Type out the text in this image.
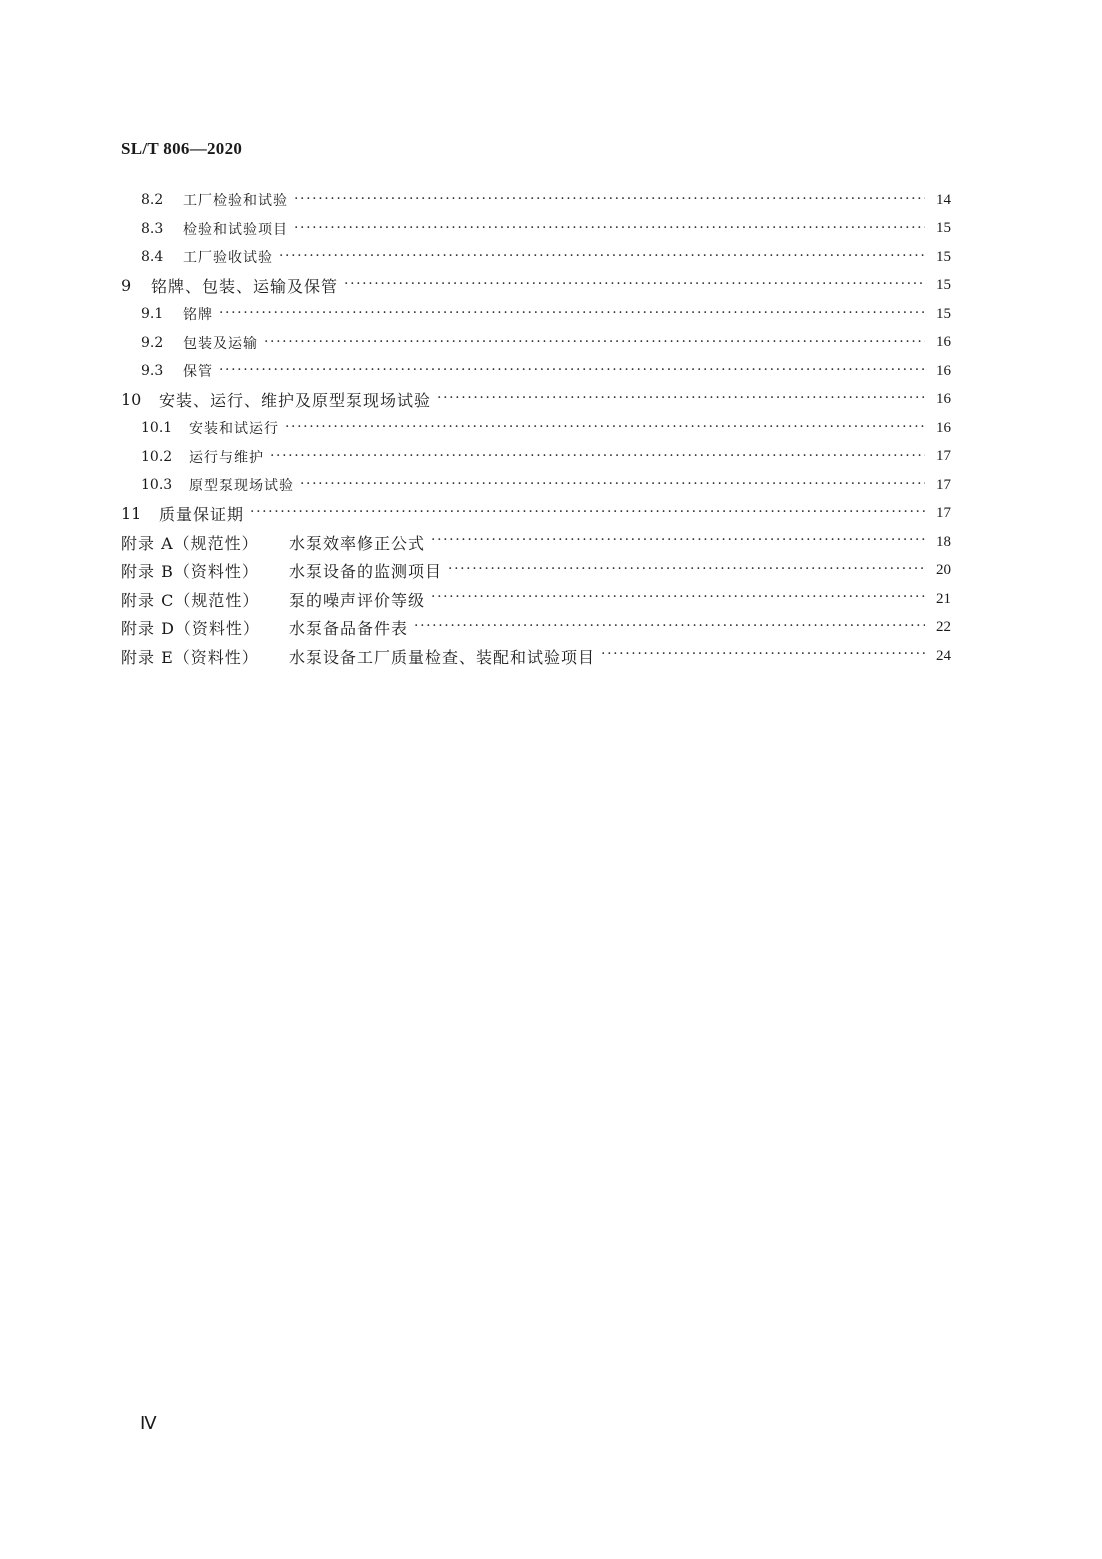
SL/T 806—2020
8.2	工厂检验和试验 ·····	14
8.3	检验和试验项目 ·····	15
8.4	工厂验收试验 ·····	15
9	铭牌、包装、运输及保管 ·····	15
9.1	铭牌 ·····	15
9.2	包装及运输 ·····	16
9.3	保管 ·····	16
10	安装、运行、维护及原型泵现场试验 ·····	16
10.1	安装和试运行 ·····	16
10.2	运行与维护 ·····	17
10.3	原型泵现场试验 ·····	17
11	质量保证期 ·····	17
附录 A（规范性）	水泵效率修正公式 ·····	18
附录 B（资料性）	水泵设备的监测项目 ·····	20
附录 C（规范性）	泵的噪声评价等级 ·····	21
附录 D（资料性）	水泵备品备件表 ·····	22
附录 E（资料性）	水泵设备工厂质量检查、装配和试验项目 ·····	24
Ⅳ
